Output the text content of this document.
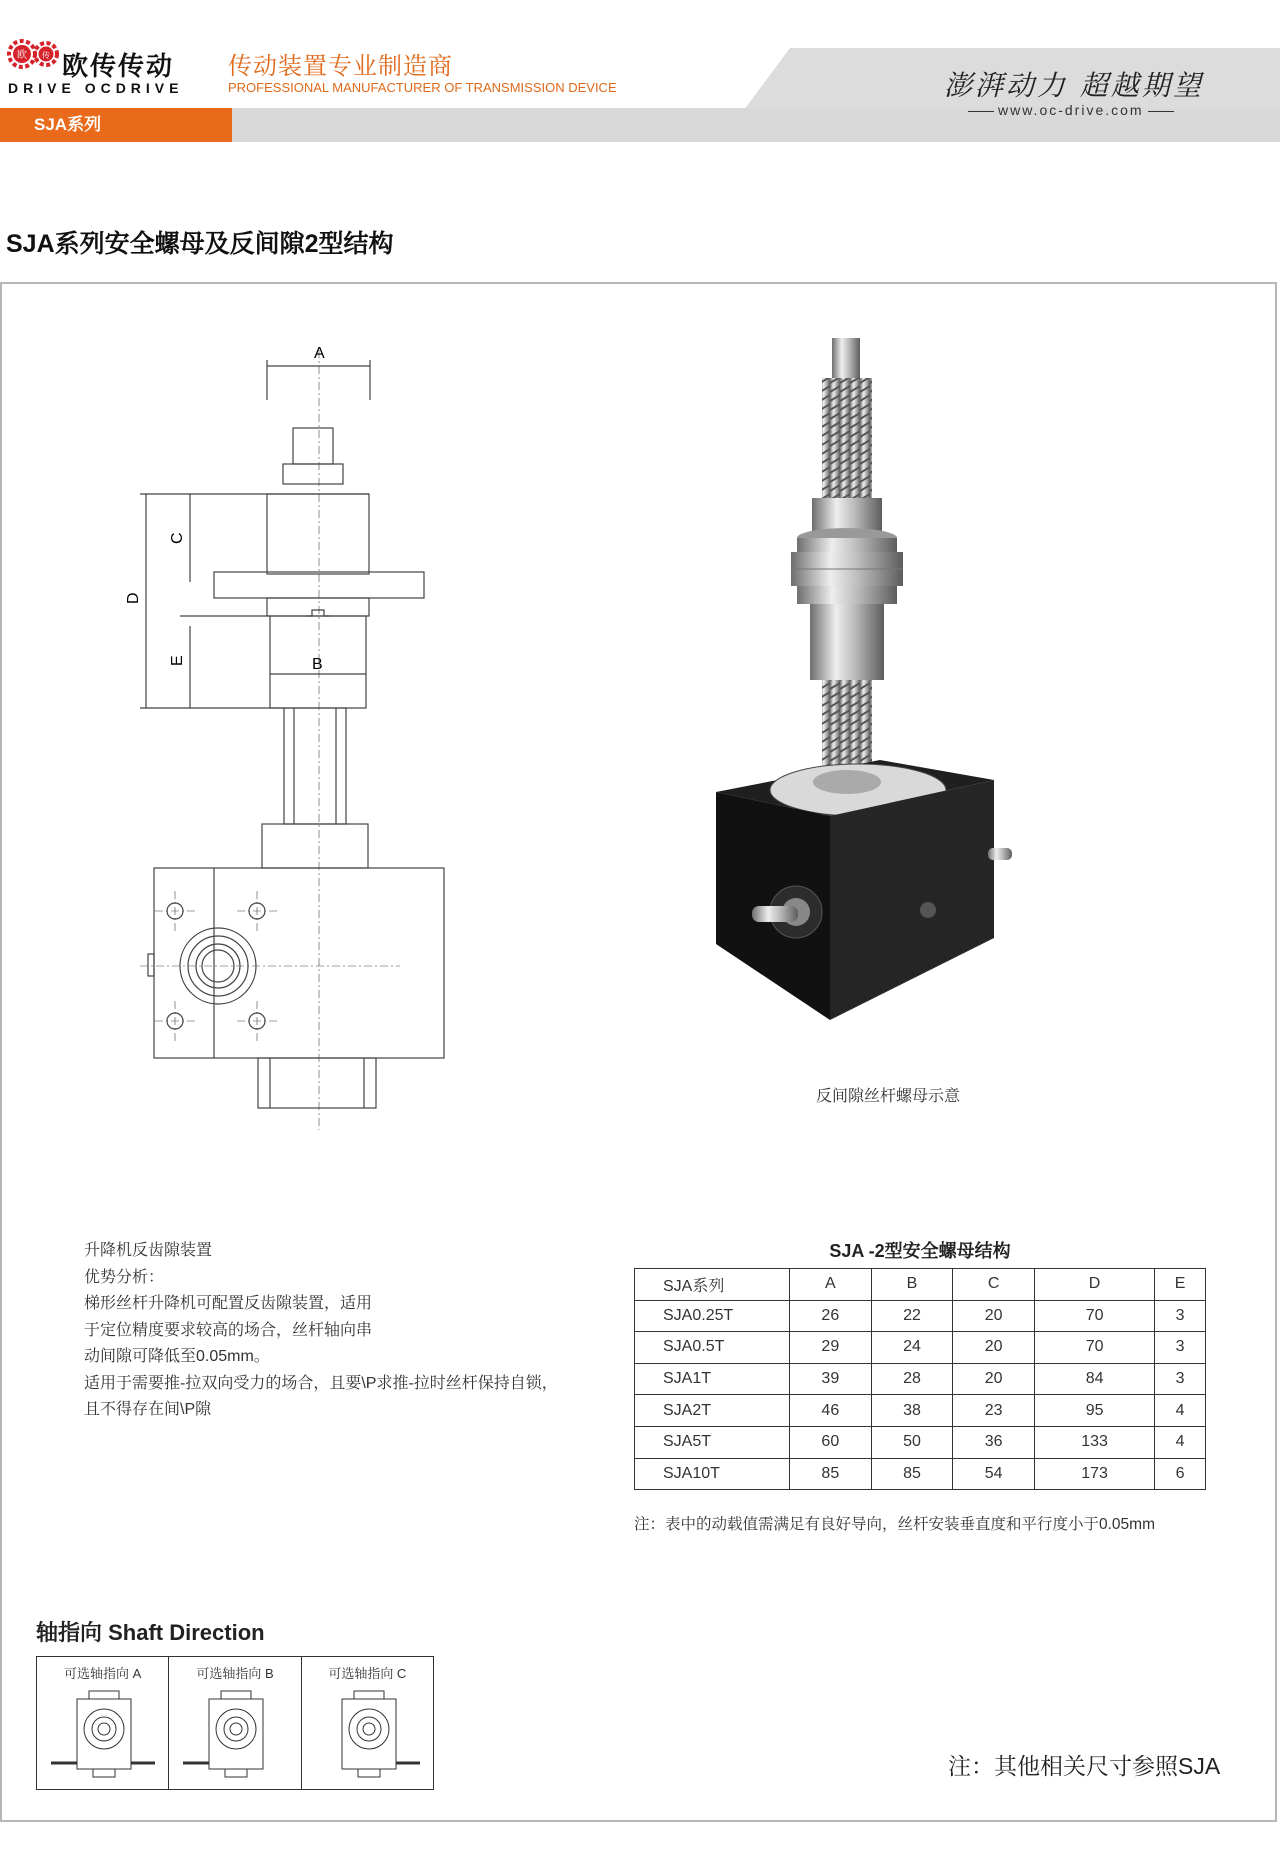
欧 传 欧传传动
DRIVE OCDRIVE
传动装置专业制造商
PROFESSIONAL MANUFACTURER OF TRANSMISSION DEVICE	澎湃动力 超越期望
www.oc-drive.com
SJA系列
SJA系列安全螺母及反间隙2型结构
A
C
D
E	B
反间隙丝杆螺母示意
升降机反齿隙装置
优势分析：
梯形丝杆升降机可配置反齿隙装置，适用
于定位精度要求较高的场合，丝杆轴向串
动间隙可降低至0.05mm。
适用于需要推-拉双向受力的场合，且要\P求推-拉时丝杆保持自锁，
且不得存在间\P隙
SJA -2型安全螺母结构
SJA系列	A	B	C	D	E
SJA0.25T	26	22	20	70	3
SJA0.5T	29	24	20	70	3
SJA1T	39	28	20	84	3
SJA2T	46	38	23	95	4
SJA5T	60	50	36	133	4
SJA10T	85	85	54	173	6
注：表中的动载值需满足有良好导向，丝杆安装垂直度和平行度小于0.05mm
轴指向 Shaft Direction
可选轴指向 A	可选轴指向 B	可选轴指向 C
注：其他相关尺寸参照SJA
